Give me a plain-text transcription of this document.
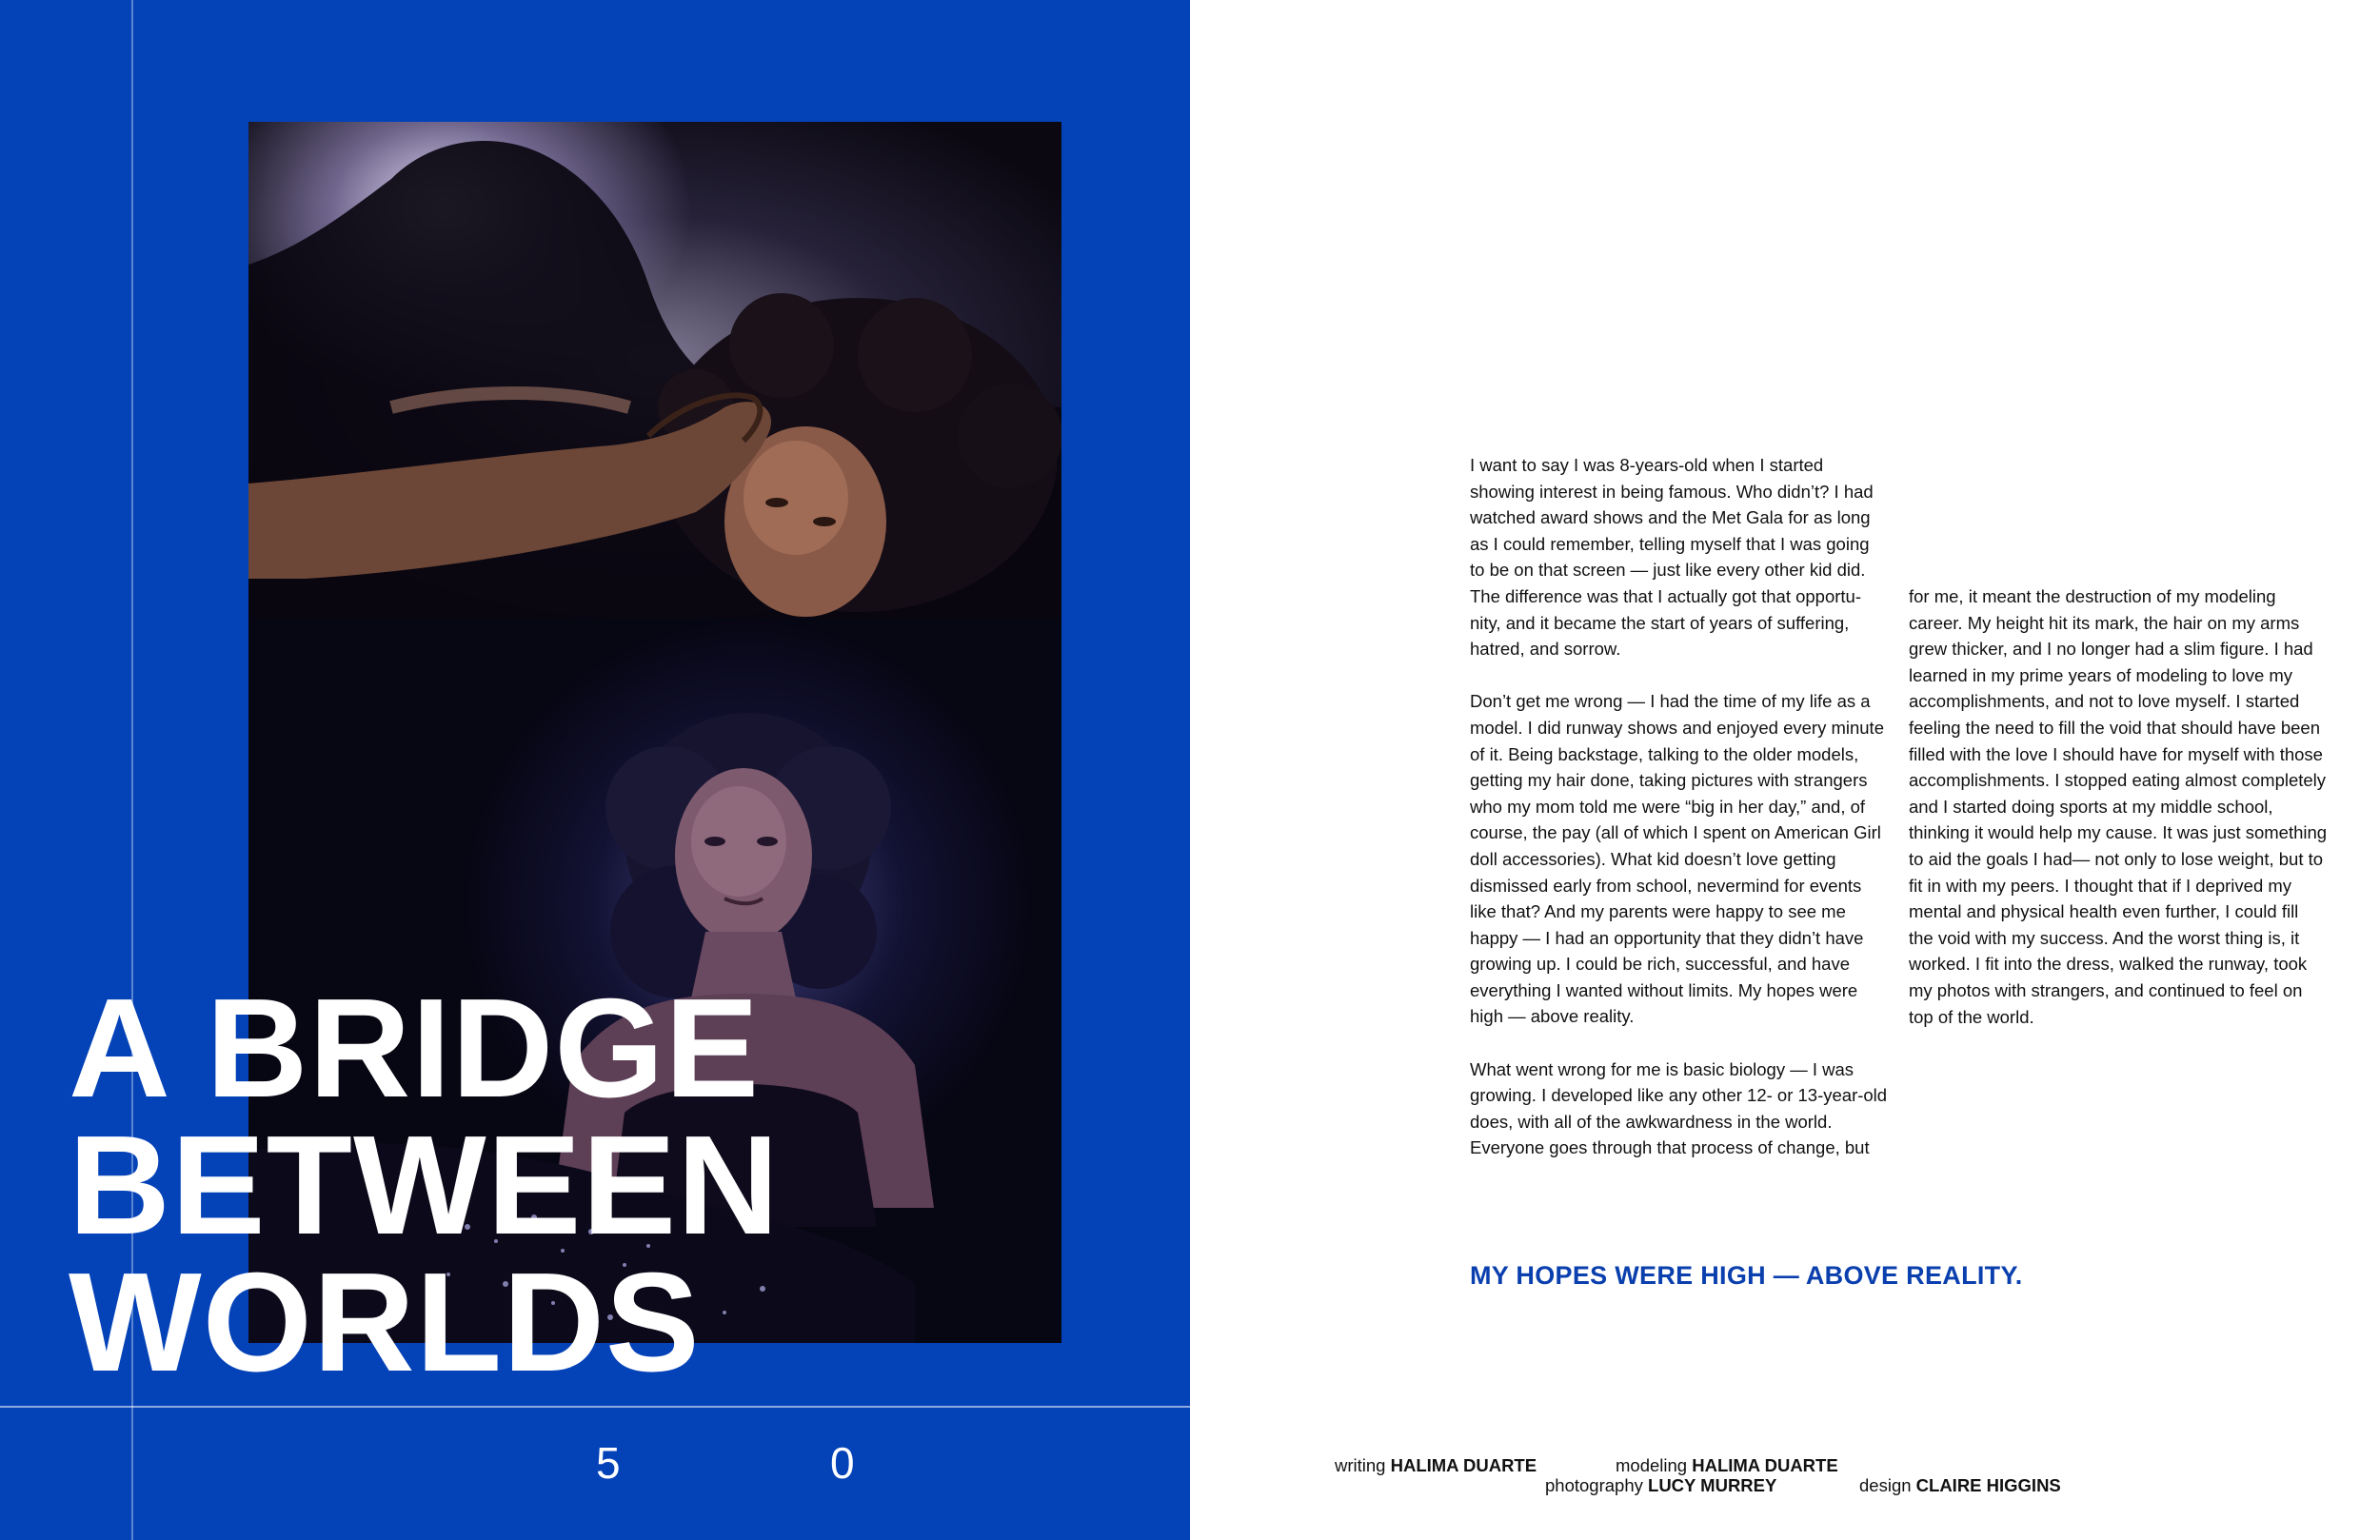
A BRIDGE
BETWEEN
WORLDS
5	0

I want to say I was 8-years-old when I started showing interest in being famous. Who didn’t? I had watched award shows and the Met Gala for as long as I could remember, telling myself that I was going to be on that screen — just like every other kid did. The difference was that I actually got that opportu-nity, and it became the start of years of suffering, hatred, and sorrow.

Don’t get me wrong — I had the time of my life as a model. I did runway shows and enjoyed every minute of it. Being backstage, talking to the older models, getting my hair done, taking pictures with strangers who my mom told me were “big in her day,” and, of course, the pay (all of which I spent on American Girl doll accessories). What kid doesn’t love getting dismissed early from school, nevermind for events like that? And my parents were happy to see me happy — I had an opportunity that they didn’t have growing up. I could be rich, successful, and have everything I wanted without limits. My hopes were high — above reality.

What went wrong for me is basic biology — I was growing. I developed like any other 12- or 13-year-old does, with all of the awkwardness in the world. Everyone goes through that process of change, but

for me, it meant the destruction of my modeling career. My height hit its mark, the hair on my arms grew thicker, and I no longer had a slim figure. I had learned in my prime years of modeling to love my accomplishments, and not to love myself. I started feeling the need to fill the void that should have been filled with the love I should have for myself with those accomplishments. I stopped eating almost completely and I started doing sports at my middle school, thinking it would help my cause. It was just something to aid the goals I had— not only to lose weight, but to fit in with my peers. I thought that if I deprived my mental and physical health even further, I could fill the void with my success. And the worst thing is, it worked. I fit into the dress, walked the runway, took my photos with strangers, and continued to feel on top of the world.

MY HOPES WERE HIGH — ABOVE REALITY.
writing HALIMA DUARTE	modeling HALIMA DUARTE
photography LUCY MURREY	design CLAIRE HIGGINS
